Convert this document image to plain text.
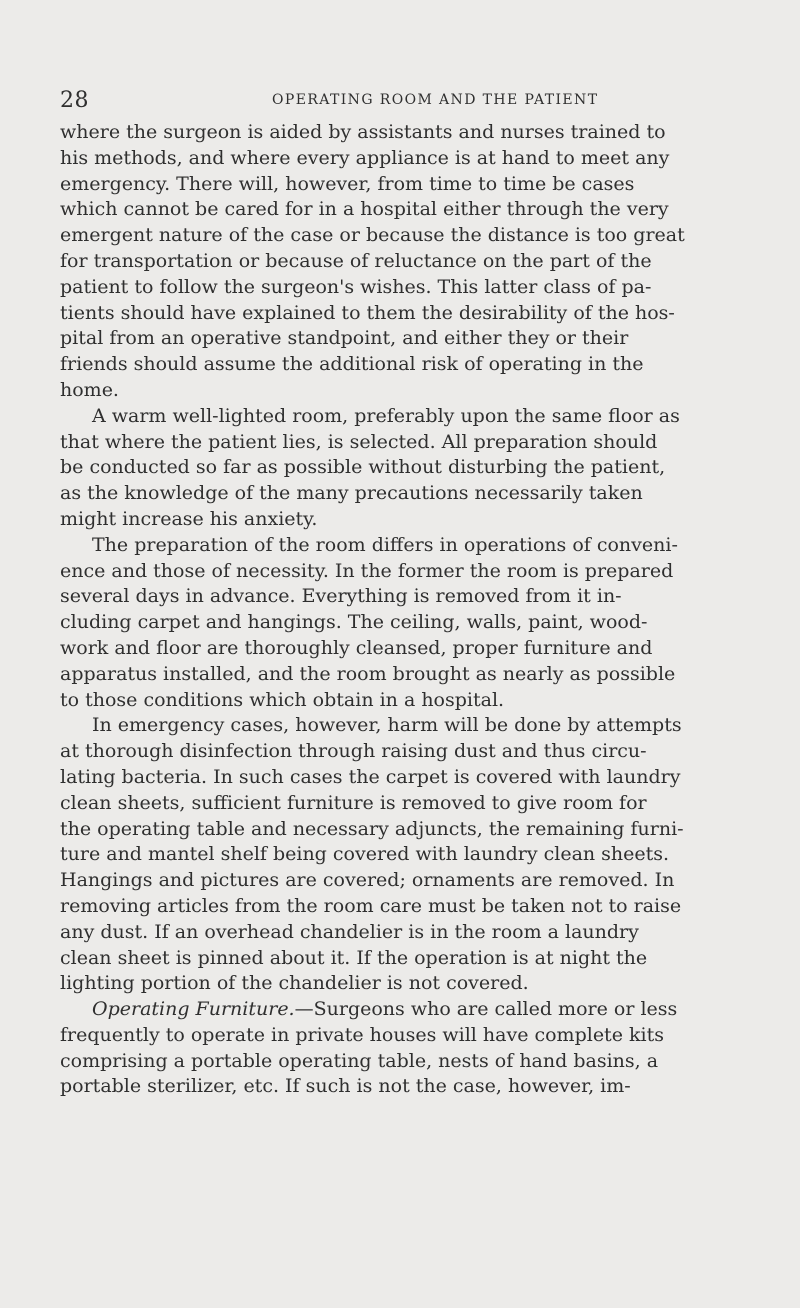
28	OPERATING ROOM AND THE PATIENT
where the surgeon is aided by assistants and nurses trained to
his methods, and where every appliance is at hand to meet any
emergency. There will, however, from time to time be cases
which cannot be cared for in a hospital either through the very
emergent nature of the case or because the distance is too great
for transportation or because of reluctance on the part of the
patient to follow the surgeon's wishes. This latter class of pa-
tients should have explained to them the desirability of the hos-
pital from an operative standpoint, and either they or their
friends should assume the additional risk of operating in the
home.
A warm well-lighted room, preferably upon the same floor as
that where the patient lies, is selected. All preparation should
be conducted so far as possible without disturbing the patient,
as the knowledge of the many precautions necessarily taken
might increase his anxiety.
The preparation of the room differs in operations of conveni-
ence and those of necessity. In the former the room is prepared
several days in advance. Everything is removed from it in-
cluding carpet and hangings. The ceiling, walls, paint, wood-
work and floor are thoroughly cleansed, proper furniture and
apparatus installed, and the room brought as nearly as possible
to those conditions which obtain in a hospital.
In emergency cases, however, harm will be done by attempts
at thorough disinfection through raising dust and thus circu-
lating bacteria. In such cases the carpet is covered with laundry
clean sheets, sufficient furniture is removed to give room for
the operating table and necessary adjuncts, the remaining furni-
ture and mantel shelf being covered with laundry clean sheets.
Hangings and pictures are covered; ornaments are removed. In
removing articles from the room care must be taken not to raise
any dust. If an overhead chandelier is in the room a laundry
clean sheet is pinned about it. If the operation is at night the
lighting portion of the chandelier is not covered.
Operating Furniture.—Surgeons who are called more or less
frequently to operate in private houses will have complete kits
comprising a portable operating table, nests of hand basins, a
portable sterilizer, etc. If such is not the case, however, im-
